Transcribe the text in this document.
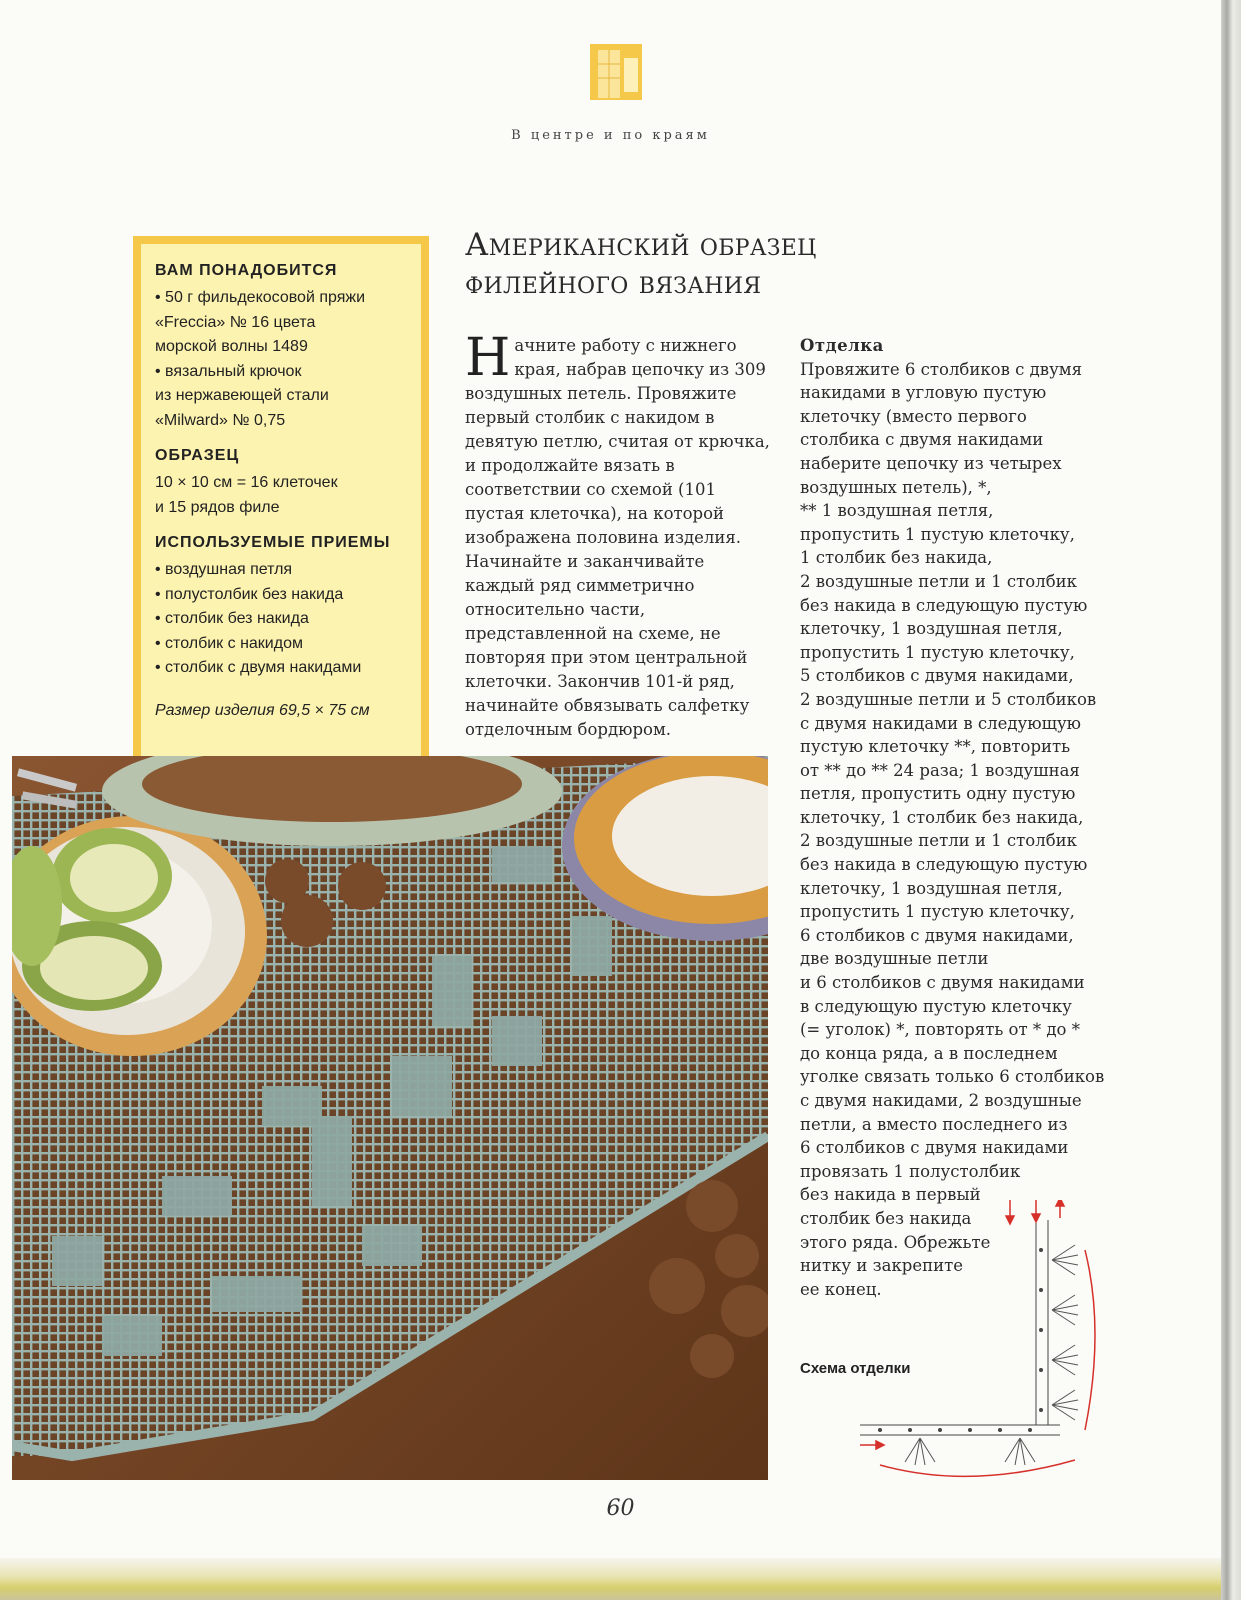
В центре и по краям
ВАМ ПОНАДОБИТСЯ

• 50 г фильдекосовой пряжи

«Freccia» № 16 цвета

морской волны 1489

• вязальный крючок

из нержавеющей стали

«Milward» № 0,75

ОБРАЗЕЦ

10 × 10 см = 16 клеточек

и 15 рядов филе

ИСПОЛЬЗУЕМЫЕ ПРИЕМЫ

• воздушная петля

• полустолбик без накида

• столбик без накида

• столбик с накидом

• столбик с двумя накидами

Размер изделия 69,5 × 75 см

Американский образец
филейного вязания
Начните работу с нижнего края, набрав цепочку из 309 воздушных петель. Провяжите первый столбик с накидом в девятую петлю, считая от крючка, и продолжайте вязать в соответствии со схемой (101 пустая клеточка), на которой изображена половина изделия. Начинайте и заканчивайте каждый ряд симметрично относительно части, представленной на схеме, не повторяя при этом центральной клеточки. Закончив 101-й ряд, начинайте обвязывать салфетку отделочным бордюром.
Отделка
Провяжите 6 столбиков с двумя
накидами в угловую пустую
клеточку (вместо первого
столбика с двумя накидами
наберите цепочку из четырех
воздушных петель), *,
** 1 воздушная петля,
пропустить 1 пустую клеточку,
1 столбик без накида,
2 воздушные петли и 1 столбик
без накида в следующую пустую
клеточку, 1 воздушная петля,
пропустить 1 пустую клеточку,
5 столбиков с двумя накидами,
2 воздушные петли и 5 столбиков
с двумя накидами в следующую
пустую клеточку **, повторить
от ** до ** 24 раза; 1 воздушная
петля, пропустить одну пустую
клеточку, 1 столбик без накида,
2 воздушные петли и 1 столбик
без накида в следующую пустую
клеточку, 1 воздушная петля,
пропустить 1 пустую клеточку,
6 столбиков с двумя накидами,
две воздушные петли
и 6 столбиков с двумя накидами
в следующую пустую клеточку
(= уголок) *, повторять от * до *
до конца ряда, а в последнем
уголке связать только 6 столбиков
с двумя накидами, 2 воздушные
петли, а вместо последнего из
6 столбиков с двумя накидами
провязать 1 полустолбик
без накида в первый
столбик без накида
этого ряда. Обрежьте
нитку и закрепите
ее конец.
Схема отделки
60
